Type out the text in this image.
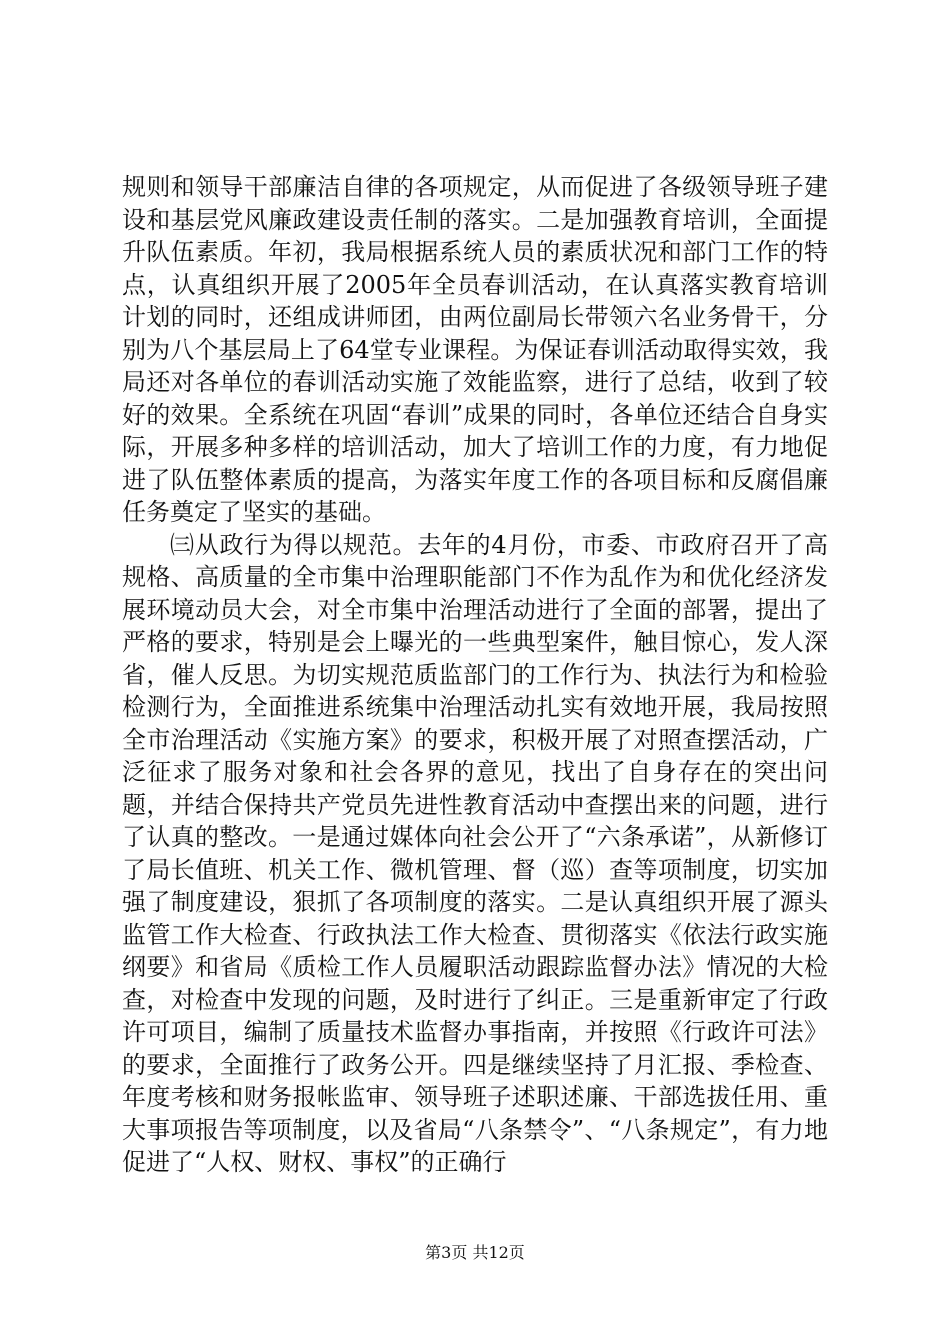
规则和领导干部廉洁自律的各项规定，从而促进了各级领导班子建设和基层党风廉政建设责任制的落实。二是加强教育培训，全面提升队伍素质。年初，我局根据系统人员的素质状况和部门工作的特点，认真组织开展了2005年全员春训活动，在认真落实教育培训计划的同时，还组成讲师团，由两位副局长带领六名业务骨干，分别为八个基层局上了64堂专业课程。为保证春训活动取得实效，我局还对各单位的春训活动实施了效能监察，进行了总结，收到了较好的效果。全系统在巩固“春训”成果的同时，各单位还结合自身实际，开展多种多样的培训活动，加大了培训工作的力度，有力地促进了队伍整体素质的提高，为落实年度工作的各项目标和反腐倡廉任务奠定了坚实的基础。

㈢从政行为得以规范。去年的4月份，市委、市政府召开了高规格、高质量的全市集中治理职能部门不作为乱作为和优化经济发展环境动员大会，对全市集中治理活动进行了全面的部署，提出了严格的要求，特别是会上曝光的一些典型案件，触目惊心，发人深省，催人反思。为切实规范质监部门的工作行为、执法行为和检验检测行为，全面推进系统集中治理活动扎实有效地开展，我局按照全市治理活动《实施方案》的要求，积极开展了对照查摆活动，广泛征求了服务对象和社会各界的意见，找出了自身存在的突出问题，并结合保持共产党员先进性教育活动中查摆出来的问题，进行了认真的整改。一是通过媒体向社会公开了“六条承诺”，从新修订了局长值班、机关工作、微机管理、督（巡）查等项制度，切实加强了制度建设，狠抓了各项制度的落实。二是认真组织开展了源头监管工作大检查、行政执法工作大检查、贯彻落实《依法行政实施纲要》和省局《质检工作人员履职活动跟踪监督办法》情况的大检查，对检查中发现的问题，及时进行了纠正。三是重新审定了行政许可项目，编制了质量技术监督办事指南，并按照《行政许可法》的要求，全面推行了政务公开。四是继续坚持了月汇报、季检查、年度考核和财务报帐监审、领导班子述职述廉、干部选拔任用、重大事项报告等项制度，以及省局“八条禁令”、“八条规定”，有力地促进了“人权、财权、事权”的正确行

第3页 共12页
